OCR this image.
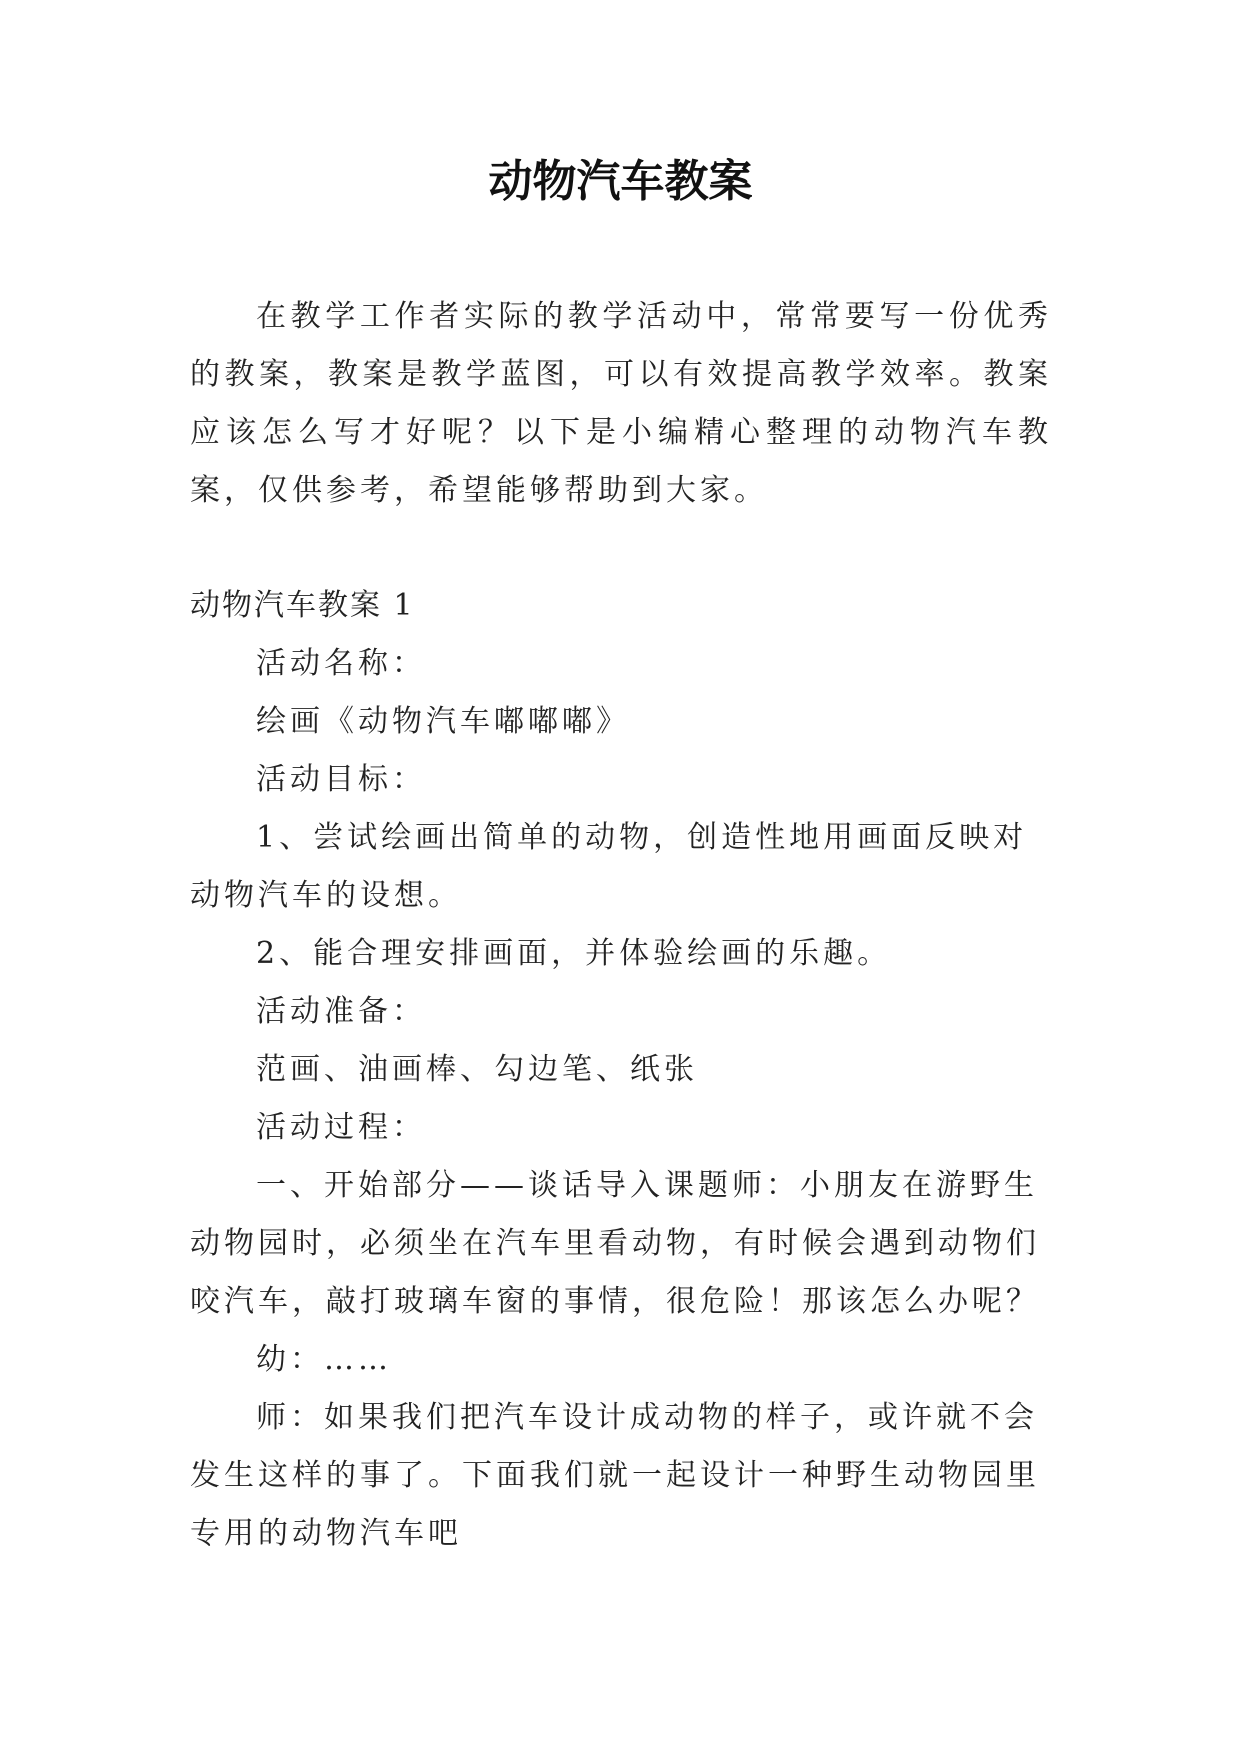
动物汽车教案

在教学工作者实际的教学活动中，常常要写一份优秀的教案，教案是教学蓝图，可以有效提高教学效率。教案应该怎么写才好呢？以下是小编精心整理的动物汽车教案，仅供参考，希望能够帮助到大家。

动物汽车教案 1

活动名称：

绘画《动物汽车嘟嘟嘟》

活动目标：

1、尝试绘画出简单的动物，创造性地用画面反映对动物汽车的设想。

2、能合理安排画面，并体验绘画的乐趣。

活动准备：

范画、油画棒、勾边笔、纸张

活动过程：

一、开始部分——谈话导入课题师：小朋友在游野生动物园时，必须坐在汽车里看动物，有时候会遇到动物们咬汽车，敲打玻璃车窗的事情，很危险！那该怎么办呢？

幼：……

师：如果我们把汽车设计成动物的样子，或许就不会发生这样的事了。下面我们就一起设计一种野生动物园里专用的动物汽车吧
